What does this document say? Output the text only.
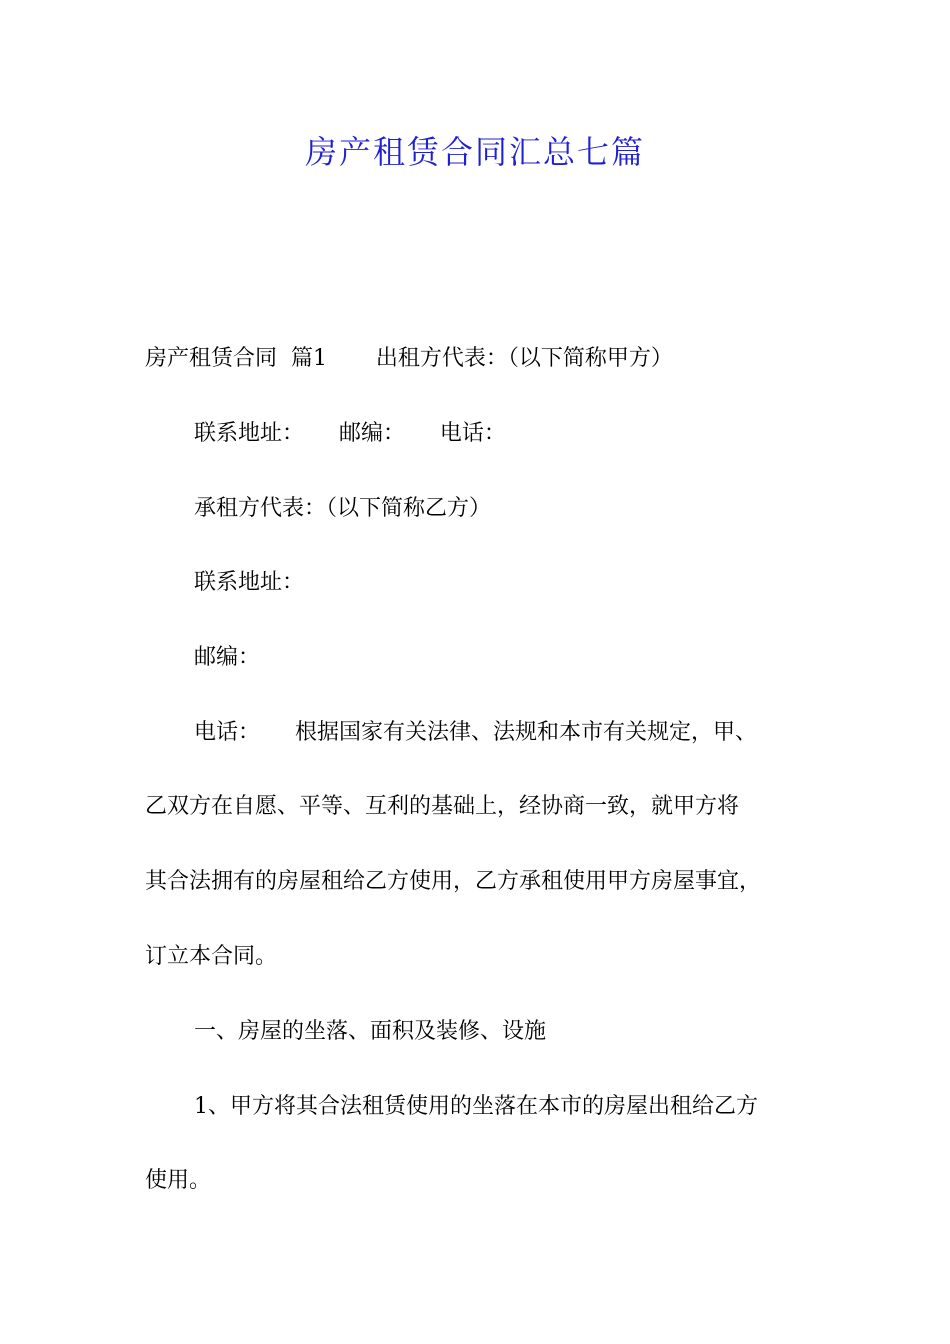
房产租赁合同汇总七篇
房产租赁合同  篇1       出租方代表：（以下简称甲方）
联系地址：     邮编：     电话：
承租方代表：（以下简称乙方）
联系地址：
邮编：
电话：     根据国家有关法律、法规和本市有关规定，甲、
乙双方在自愿、平等、互利的基础上，经协商一致，就甲方将
其合法拥有的房屋租给乙方使用，乙方承租使用甲方房屋事宜，
订立本合同。
一、房屋的坐落、面积及装修、设施
1、甲方将其合法租赁使用的坐落在本市的房屋出租给乙方
使用。
